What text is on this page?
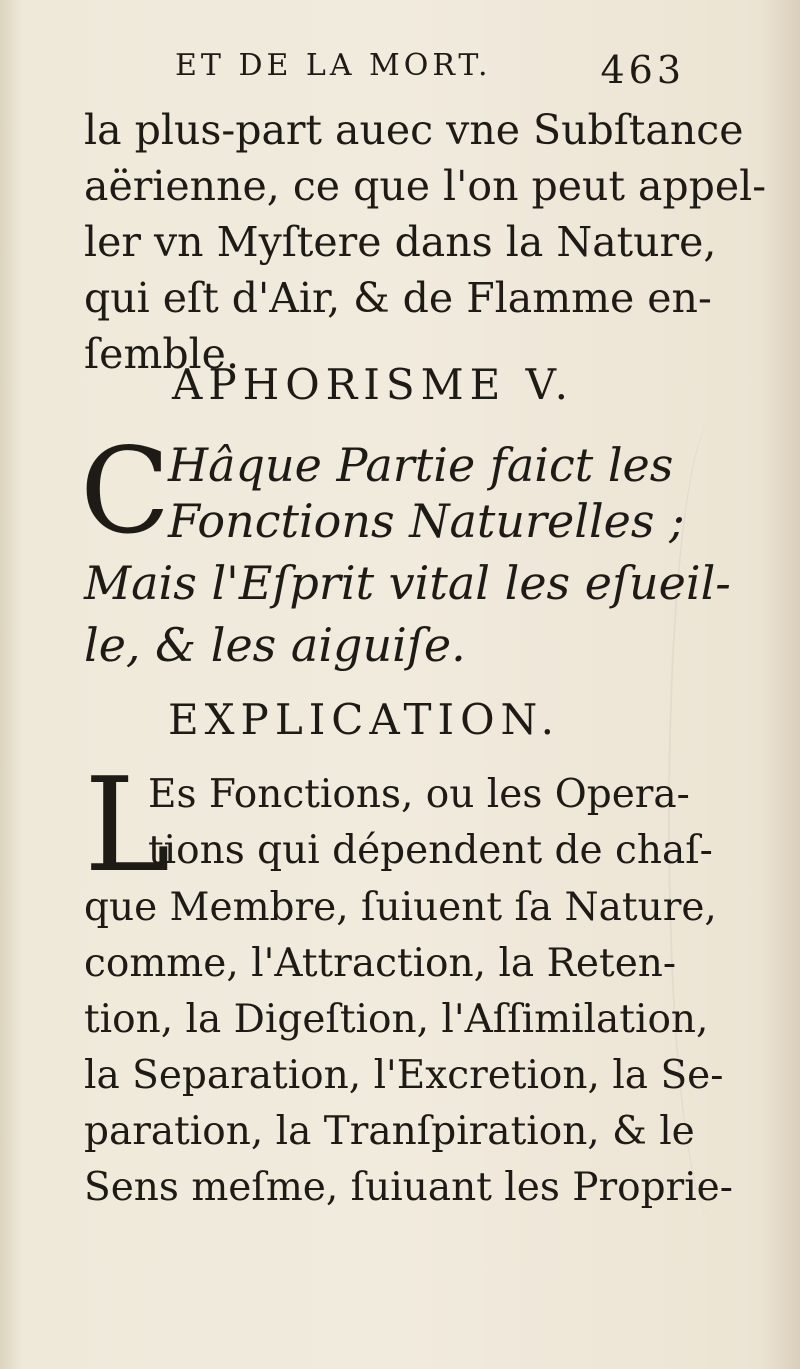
ET DE LA MORT.	463
la plus-part auec vne Subſtance
aërienne, ce que l'on peut appel-
ler vn Myſtere dans la Nature,
qui eſt d'Air, & de Flamme en-
ſemble.
APHORISME V.
C
Hâque Partie faict les
Fonctions Naturelles ;
Mais l'Eſprit vital les eſueil-
le, & les aiguiſe.
EXPLICATION.
L
Es Fonctions, ou les Opera-
tions qui dépendent de chaſ-
que Membre, ſuiuent ſa Nature,
comme, l'Attraction, la Reten-
tion, la Digeſtion, l'Aſſimilation,
la Separation, l'Excretion, la Se-
paration, la Tranſpiration, & le
Sens meſme, ſuiuant les Proprie-
